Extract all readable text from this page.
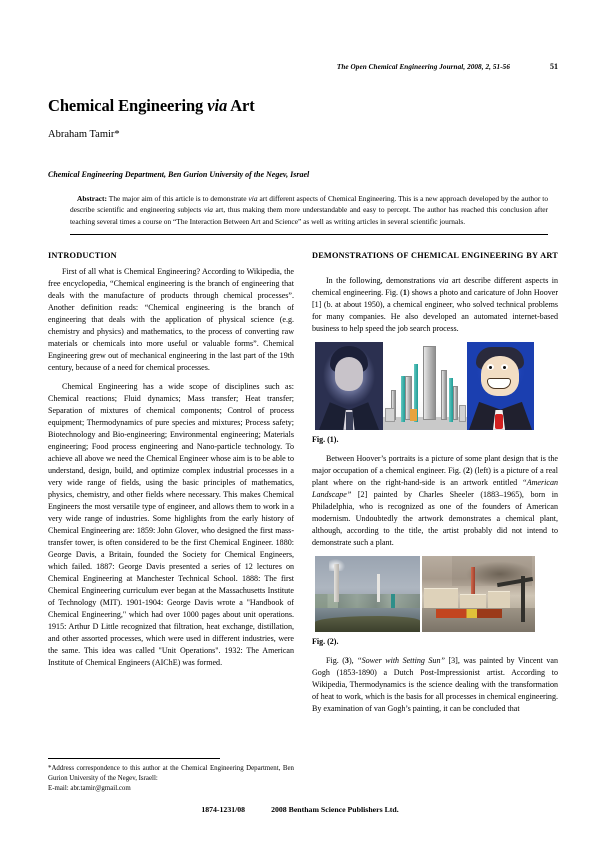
The Open Chemical Engineering Journal, 2008, 2, 51-56	51
Chemical Engineering via Art
Abraham Tamir*
Chemical Engineering Department, Ben Gurion University of the Negev, Israel
Abstract: The major aim of this article is to demonstrate via art different aspects of Chemical Engineering. This is a new approach developed by the author to describe scientific and engineering subjects via art, thus making them more understandable and easy to percept. The author has reached this conclusion after teaching several times a course on “The Interaction Between Art and Science” as well as writing articles in several scientific journals.
INTRODUCTION

First of all what is Chemical Engineering? According to Wikipedia, the free encyclopedia, “Chemical engineering is the branch of engineering that deals with the manufacture of products through chemical processes”. Another definition reads: “Chemical engineering is the branch of engineering that deals with the application of physical science (e.g. chemistry and physics) and mathematics, to the process of converting raw materials or chemicals into more useful or valuable forms”. Chemical Engineering grew out of mechanical engineering in the last part of the 19th century, because of a need for chemical processes.

Chemical Engineering has a wide scope of disciplines such as: Chemical reactions; Fluid dynamics; Mass transfer; Heat transfer; Separation of mixtures of chemical components; Control of process equipment; Thermodynamics of pure species and mixtures; Process safety; Biotechnology and Bio-engineering; Environmental engineering; Materials engineering; Food process engineering and Nano-particle technology. To achieve all above we need the Chemical Engineer whose aim is to be able to understand, design, build, and optimize complex industrial processes in a very wide range of fields, using the basic principles of mathematics, physics, chemistry, and other fields where necessary. This makes Chemical Engineers the most versatile type of engineer, and allows them to work in a very wide range of industries. Some highlights from the early history of Chemical Engineering are: 1859: John Glover, who designed the first mass-transfer tower, is often considered to be the first Chemical Engineer. 1880: George Davis, a Britain, founded the Society for Chemical Engineers, which failed. 1887: George Davis presented a series of 12 lectures on Chemical Engineering at Manchester Technical School. 1888: The first Chemical Engineering curriculum ever began at the Massachusetts Institute of Technology (MIT). 1901-1904: George Davis wrote a "Handbook of Chemical Engineering," which had over 1000 pages about unit operations. 1915: Arthur D Little recognized that filtration, heat exchange, distillation, and other assorted processes, which were used in different industries, were the same. This idea was called "Unit Operations". 1932: The American Institute of Chemical Engineers (AIChE) was formed.

DEMONSTRATIONS OF CHEMICAL ENGINEERING BY ART

In the following, demonstrations via art describe different aspects in chemical engineering. Fig. (1) shows a photo and caricature of John Hoover [1] (b. at about 1950), a chemical engineer, who solved technical problems for many companies. He also developed an automated internet-based business to help speed the job search process.

Fig. (1).

Between Hoover’s portraits is a picture of some plant design that is the major occupation of a chemical engineer. Fig. (2) (left) is a picture of a real plant where on the right-hand-side is an artwork entitled “American Landscape” [2] painted by Charles Sheeler (1883–1965), born in Philadelphia, who is recognized as one of the founders of American modernism. Undoubtedly the artwork demonstrates a chemical plant, although, according to the title, the artist probably did not intend to demonstrate such a plant.

Fig. (2).

Fig. (3), “Sower with Setting Sun” [3], was painted by Vincent van Gogh (1853-1890) a Dutch Post-Impressionist artist. According to Wikipedia, Thermodynamics is the science dealing with the transformation of heat to work, which is the basis for all processes in chemical engineering. By examination of van Gogh’s painting, it can be concluded that

*Address correspondence to this author at the Chemical Engineering Department, Ben Gurion University of the Negev, Israell:
E-mail: abr.tamir@gmail.com
1874-1231/08	2008 Bentham Science Publishers Ltd.
